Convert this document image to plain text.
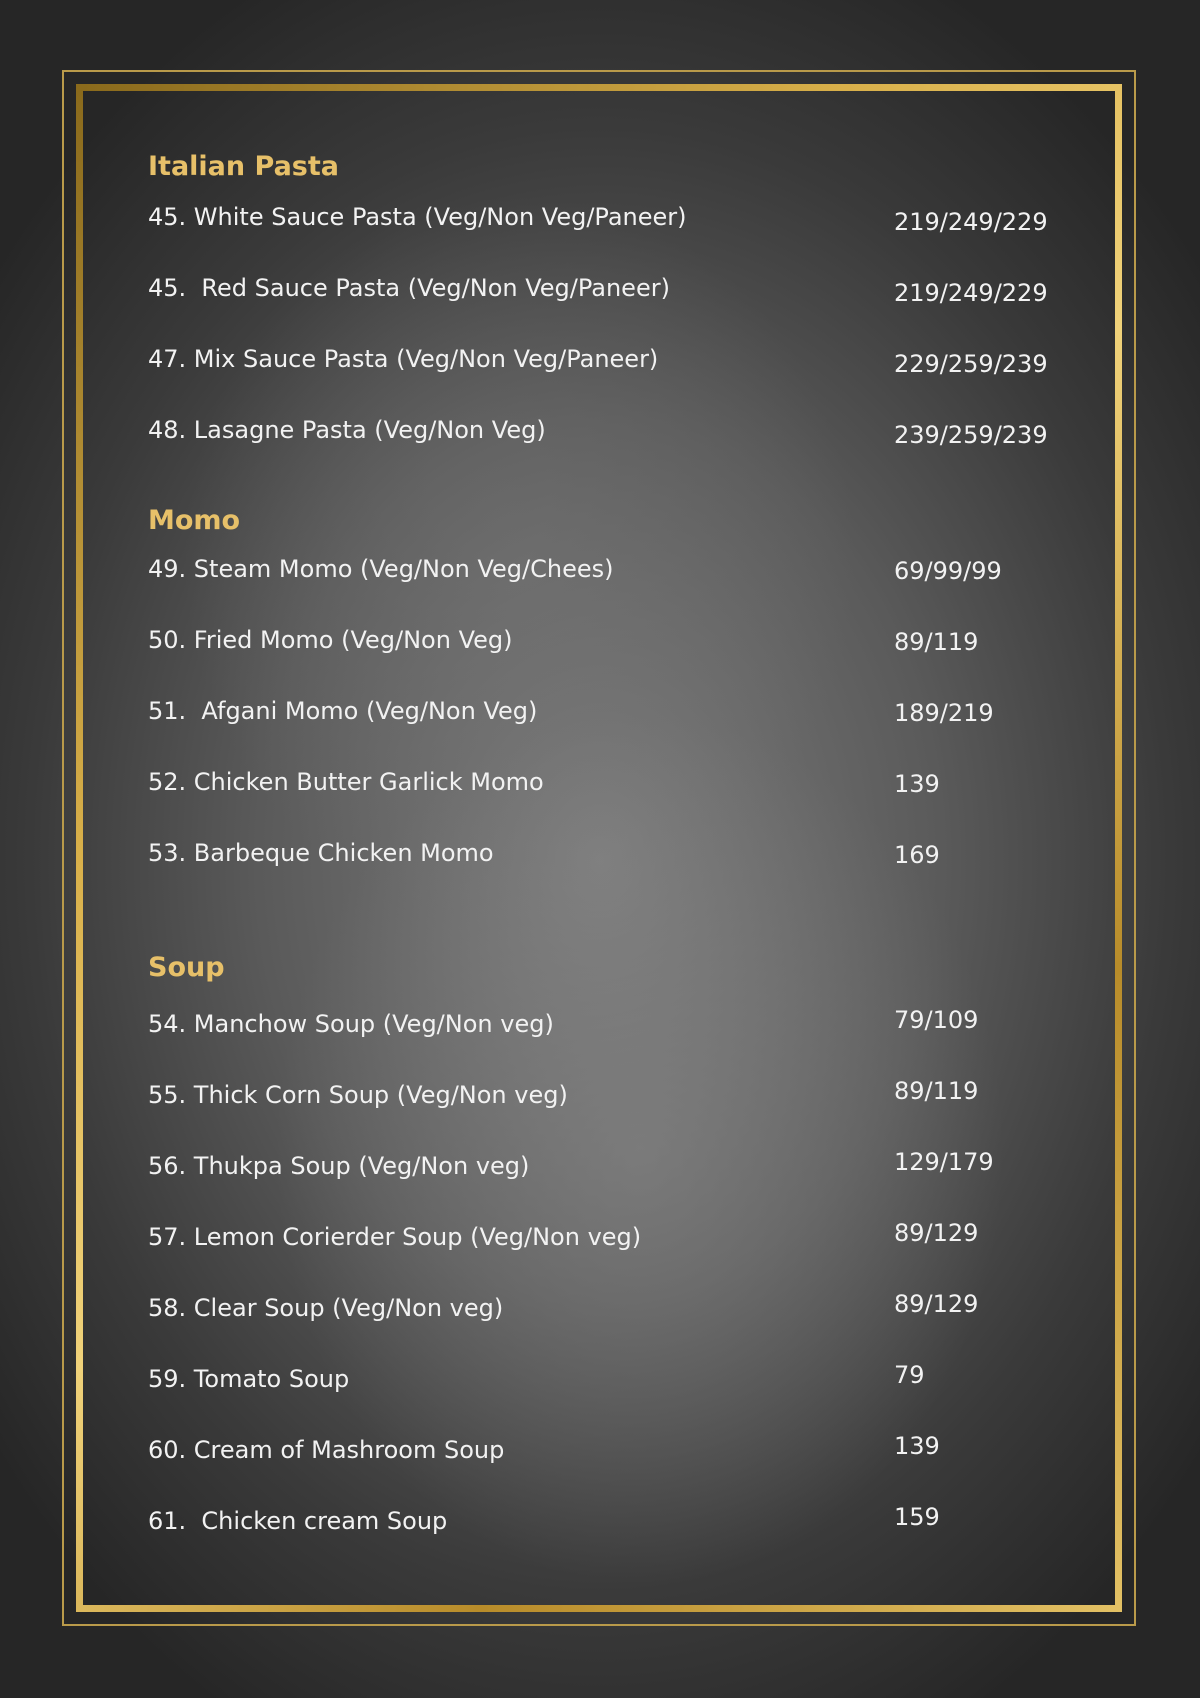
Italian Pasta
45. White Sauce Pasta (Veg/Non Veg/Paneer)	219/249/229
45.  Red Sauce Pasta (Veg/Non Veg/Paneer)	219/249/229
47. Mix Sauce Pasta (Veg/Non Veg/Paneer)	229/259/239
48. Lasagne Pasta (Veg/Non Veg)	239/259/239
Momo
49. Steam Momo (Veg/Non Veg/Chees)	69/99/99
50. Fried Momo (Veg/Non Veg)	89/119
51.  Afgani Momo (Veg/Non Veg)	189/219
52. Chicken Butter Garlick Momo	139
53. Barbeque Chicken Momo	169
Soup
54. Manchow Soup (Veg/Non veg)	79/109
55. Thick Corn Soup (Veg/Non veg)	89/119
56. Thukpa Soup (Veg/Non veg)	129/179
57. Lemon Corierder Soup (Veg/Non veg)	89/129
58. Clear Soup (Veg/Non veg)	89/129
59. Tomato Soup	79
60. Cream of Mashroom Soup	139
61.  Chicken cream Soup	159
